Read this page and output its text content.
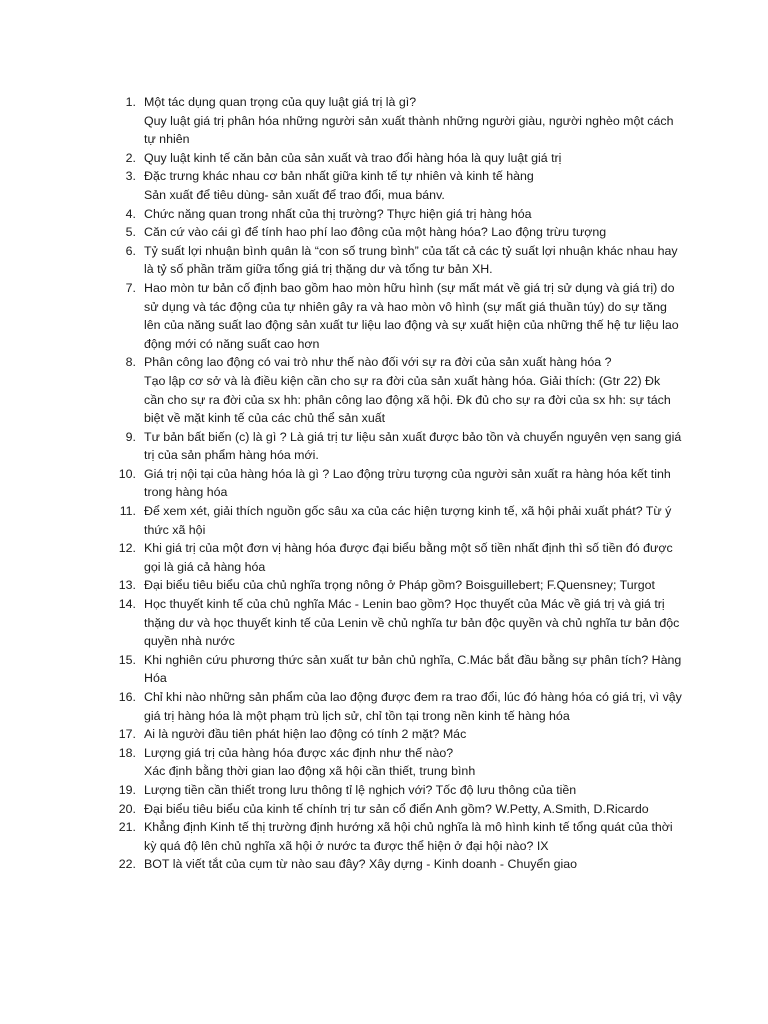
1. Một tác dụng quan trọng của quy luật giá trị là gì?
Quy luật giá trị phân hóa những người sản xuất thành những người giàu, người nghèo một cách tự nhiên
2. Quy luật kinh tế căn bản của sản xuất và trao đổi hàng hóa là quy luật giá trị
3. Đặc trưng khác nhau cơ bản nhất giữa kinh tế tự nhiên và kinh tế hàng
Sản xuất để tiêu dùng- sản xuất để trao đổi, mua bánv.
4. Chức năng quan trong nhất của thị trường? Thực hiện giá trị hàng hóa
5. Căn cứ vào cái gì để tính hao phí lao đông của một hàng hóa? Lao động trừu tượng
6. Tỷ suất lợi nhuận bình quân là “con số trung bình” của tất cả các tỷ suất lợi nhuận khác nhau hay là tỷ số phần trăm giữa tổng giá trị thặng dư và tổng tư bản XH.
7. Hao mòn tư bản cố định bao gồm hao mòn hữu hình (sự mất mát về giá trị sử dụng và giá trị) do sử dụng và tác động của tự nhiên gây ra và hao mòn vô hình (sự mất giá thuần túy) do sự tăng lên của năng suất lao động sản xuất tư liệu lao động và sự xuất hiện của những thế hệ tư liệu lao động mới có năng suất cao hơn
8. Phân công lao động có vai trò như thế nào đối với sự ra đời của sản xuất hàng hóa ?
Tạo lập cơ sở và là điều kiện cần cho sự ra đời của sản xuất hàng hóa. Giải thích: (Gtr 22) Đk cần cho sự ra đời của sx hh: phân công lao động xã hội. Đk đủ cho sự ra đời của sx hh: sự tách biệt về mặt kinh tế của các chủ thể sản xuất
9. Tư bản bất biến (c) là gì ? Là giá trị tư liệu sản xuất được bảo tồn và chuyển nguyên vẹn sang giá trị của sản phẩm hàng hóa mới.
10. Giá trị nội tại của hàng hóa là gì ? Lao động trừu tượng của người sản xuất ra hàng hóa kết tinh trong hàng hóa
11. Để xem xét, giải thích nguồn gốc sâu xa của các hiện tượng kinh tế, xã hội phải xuất phát? Từ ý thức xã hội
12. Khi giá trị của một đơn vị hàng hóa được đại biểu bằng một số tiền nhất định thì số tiền đó được gọi là giá cả hàng hóa
13. Đại biểu tiêu biểu của chủ nghĩa trọng nông ở Pháp gồm? Boisguillebert; F.Quensney; Turgot
14. Học thuyết kinh tế của chủ nghĩa Mác - Lenin bao gồm? Học thuyết của Mác về giá trị và giá trị thặng dư và học thuyết kinh tế của Lenin về chủ nghĩa tư bản độc quyền và chủ nghĩa tư bản độc quyền nhà nước
15. Khi nghiên cứu phương thức sản xuất tư bản chủ nghĩa, C.Mác bắt đầu bằng sự phân tích? Hàng Hóa
16. Chỉ khi nào những sản phẩm của lao động được đem ra trao đổi, lúc đó hàng hóa có giá trị, vì vậy giá trị hàng hóa là một phạm trù lịch sử, chỉ tồn tại trong nền kinh tế hàng hóa
17. Ai là người đầu tiên phát hiện lao động có tính 2 mặt? Mác
18. Lượng giá trị của hàng hóa được xác định như thế nào?
Xác định bằng thời gian lao động xã hội cần thiết, trung bình
19. Lượng tiền cần thiết trong lưu thông tỉ lệ nghịch với? Tốc độ lưu thông của tiền
20. Đại biểu tiêu biểu của kinh tế chính trị tư sản cổ điển Anh gồm? W.Petty, A.Smith, D.Ricardo
21. Khẳng định Kinh tế thị trường định hướng xã hội chủ nghĩa là mô hình kinh tế tổng quát của thời kỳ quá độ lên chủ nghĩa xã hội ở nước ta được thể hiện ở đại hội nào? IX
22. BOT là viết tắt của cụm từ nào sau đây? Xây dựng - Kinh doanh - Chuyển giao
